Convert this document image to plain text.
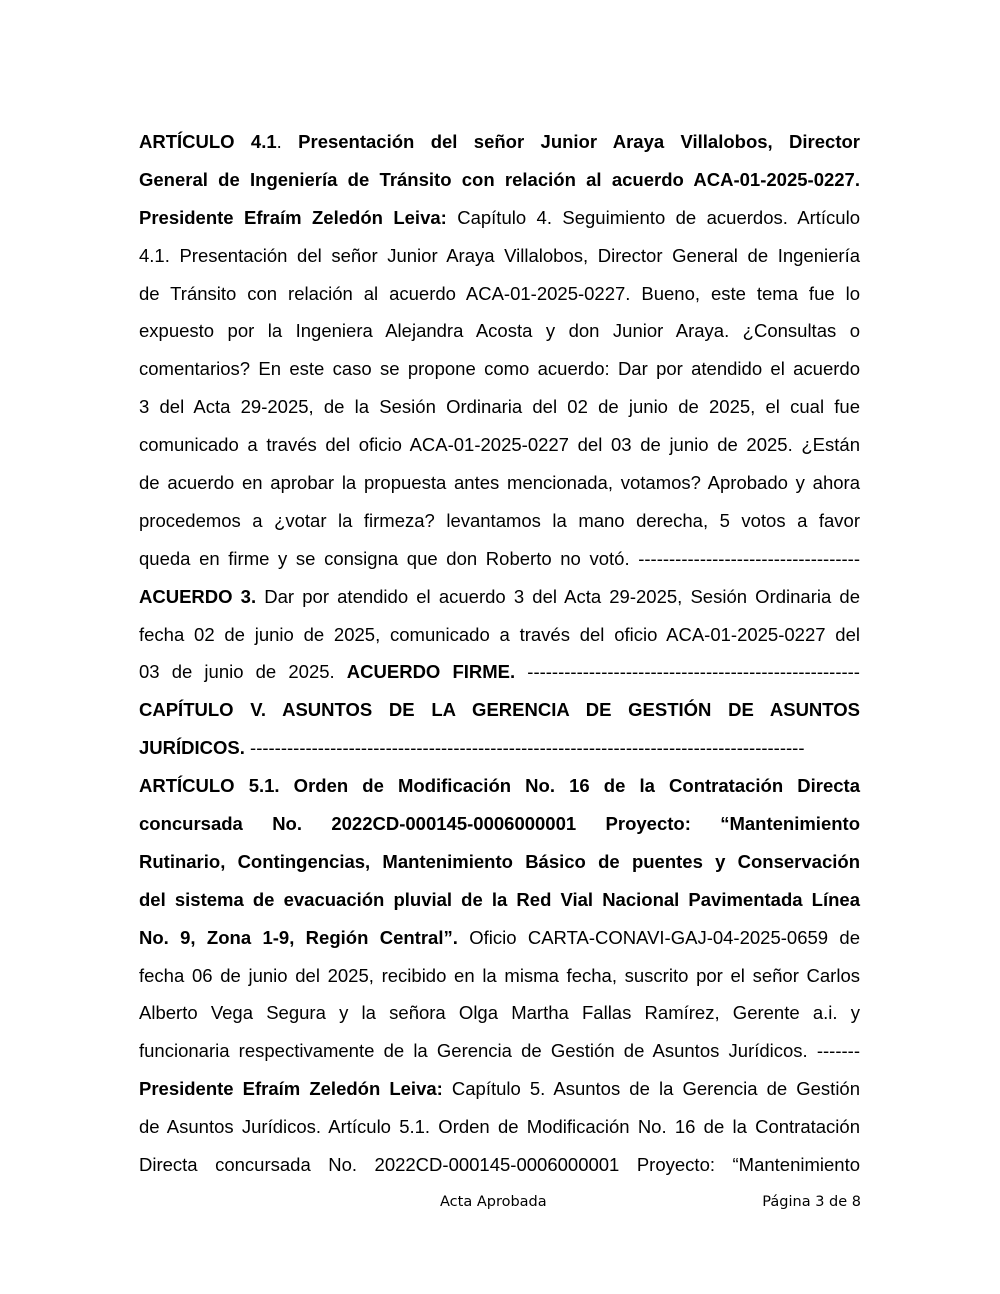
ARTÍCULO 4.1. Presentación del señor Junior Araya Villalobos, Director
General de Ingeniería de Tránsito con relación al acuerdo ACA-01-2025-0227.
Presidente Efraím Zeledón Leiva: Capítulo 4. Seguimiento de acuerdos. Artículo
4.1. Presentación del señor Junior Araya Villalobos, Director General de Ingeniería
de Tránsito con relación al acuerdo ACA-01-2025-0227. Bueno, este tema fue lo
expuesto por la Ingeniera Alejandra Acosta y don Junior Araya. ¿Consultas o
comentarios? En este caso se propone como acuerdo: Dar por atendido el acuerdo
3 del Acta 29-2025, de la Sesión Ordinaria del 02 de junio de 2025, el cual fue
comunicado a través del oficio ACA-01-2025-0227 del 03 de junio de 2025. ¿Están
de acuerdo en aprobar la propuesta antes mencionada, votamos? Aprobado y ahora
procedemos a ¿votar la firmeza? levantamos la mano derecha, 5 votos a favor
queda en firme y se consigna que don Roberto no votó. ------------------------------------
ACUERDO 3. Dar por atendido el acuerdo 3 del Acta 29-2025, Sesión Ordinaria de
fecha 02 de junio de 2025, comunicado a través del oficio ACA-01-2025-0227 del
03 de junio de 2025. ACUERDO FIRME. ------------------------------------------------------
CAPÍTULO V. ASUNTOS DE LA GERENCIA DE GESTIÓN DE ASUNTOS
JURÍDICOS. ------------------------------------------------------------------------------------------
ARTÍCULO 5.1. Orden de Modificación No. 16 de la Contratación Directa
concursada No. 2022CD-000145-0006000001 Proyecto: “Mantenimiento
Rutinario, Contingencias, Mantenimiento Básico de puentes y Conservación
del sistema de evacuación pluvial de la Red Vial Nacional Pavimentada Línea
No. 9, Zona 1-9, Región Central”. Oficio CARTA-CONAVI-GAJ-04-2025-0659 de
fecha 06 de junio del 2025, recibido en la misma fecha, suscrito por el señor Carlos
Alberto Vega Segura y la señora Olga Martha Fallas Ramírez, Gerente a.i. y
funcionaria respectivamente de la Gerencia de Gestión de Asuntos Jurídicos. -------
Presidente Efraím Zeledón Leiva: Capítulo 5. Asuntos de la Gerencia de Gestión
de Asuntos Jurídicos. Artículo 5.1. Orden de Modificación No. 16 de la Contratación
Directa concursada No. 2022CD-000145-0006000001 Proyecto: “Mantenimiento
Acta Aprobada	Página 3 de 8
